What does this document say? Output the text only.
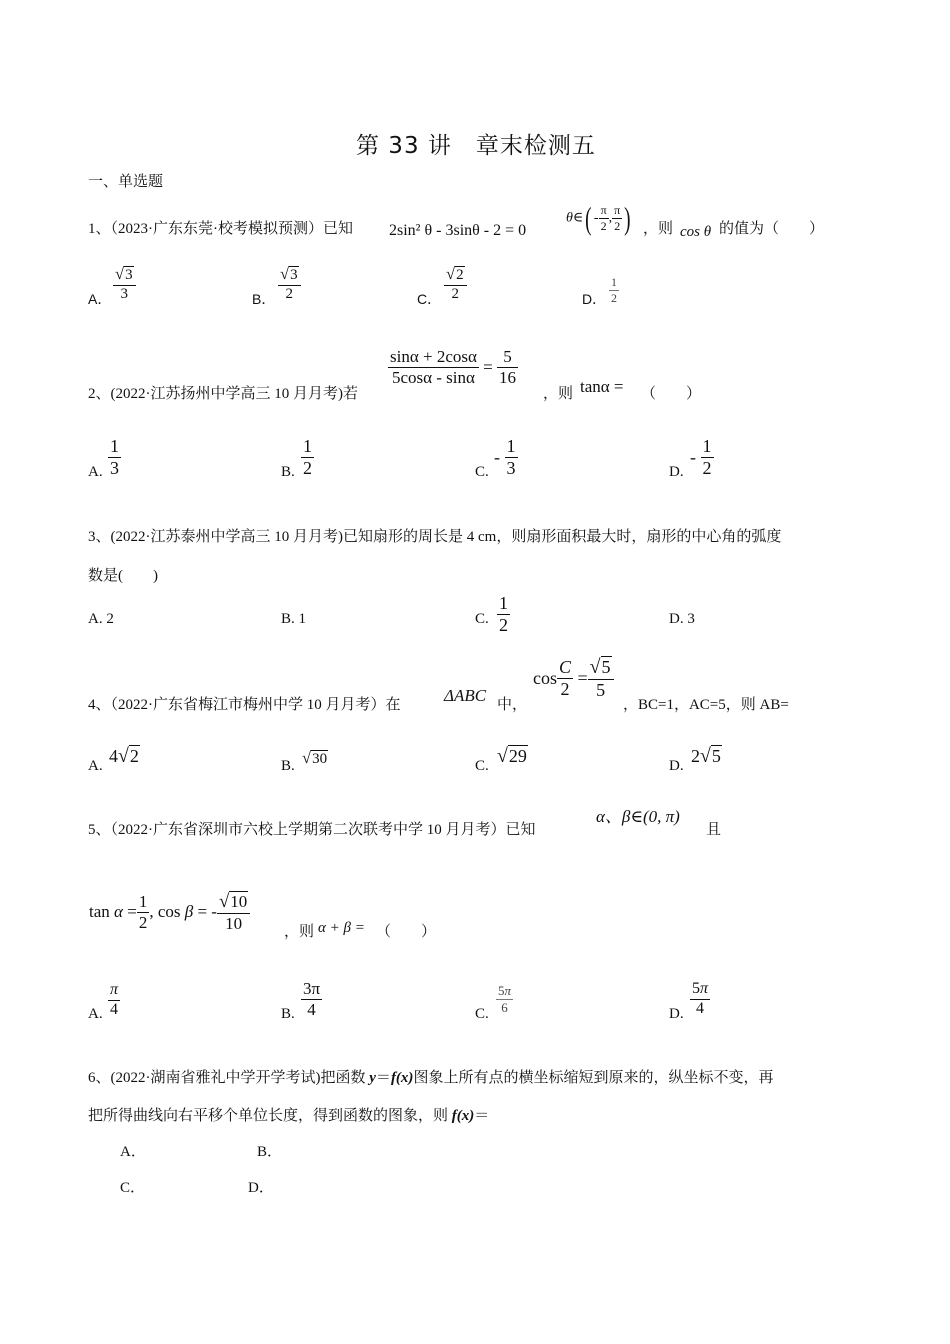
第 33 讲　章末检测五
一、单选题
1、（2023·广东东莞·校考模拟预测）已知 2sin² θ - 3sinθ - 2 = 0
θ∈( - $\frac{\pi}{2}$ , $\frac{\pi}{2}$ ) ，则 cos θ 的值为（　　）
A． $\frac{√3}{3}$	B． $\frac{√3}{2}$	C． $\frac{√2}{2}$	D． $\frac{1}{2}$
2、(2022·江苏扬州中学高三 10 月月考)若
$\frac{\sin\alpha + 2\cos\alpha}{5\cos\alpha - \sin\alpha} = \frac{5}{16}$
，则 tanα = （　　）
A. $\frac{1}{3}$	B. $\frac{1}{2}$	C.
- $\frac{1}{3}$	D.
- $\frac{1}{2}$
3、(2022·江苏泰州中学高三 10 月月考)已知扇形的周长是 4 cm，则扇形面积最大时，扇形的中心角的弧度
数是(　　)
A. 2	B. 1	C. $\frac{1}{2}$	D. 3
4、（2022·广东省梅江市梅州中学 10 月月考）在	ΔABC 中，
$\cos \frac{C}{2} = \frac{√5}{5}$
，BC=1，AC=5，则 AB=
A. 4√2	B. √30	C. √29	D. 2√5
5、（2022·广东省深圳市六校上学期第二次联考中学 10 月月考）已知
α、β∈(0, π)
且
$\tan \alpha = \frac{1}{2}$ , cos β = - $\frac{√10}{10}$ ，则 α + β = （　　）
A. $\frac{\pi}{4}$	B. $\frac{3\pi}{4}$	C. $\frac{5\pi}{6}$	D. $\frac{5\pi}{4}$
6、(2022·湖南省雅礼中学开学考试)把函数 y＝f(x)图象上所有点的横坐标缩短到原来的，纵坐标不变，再
把所得曲线向右平移个单位长度，得到函数的图象，则 f(x)＝
A．	B．
C．	D．
